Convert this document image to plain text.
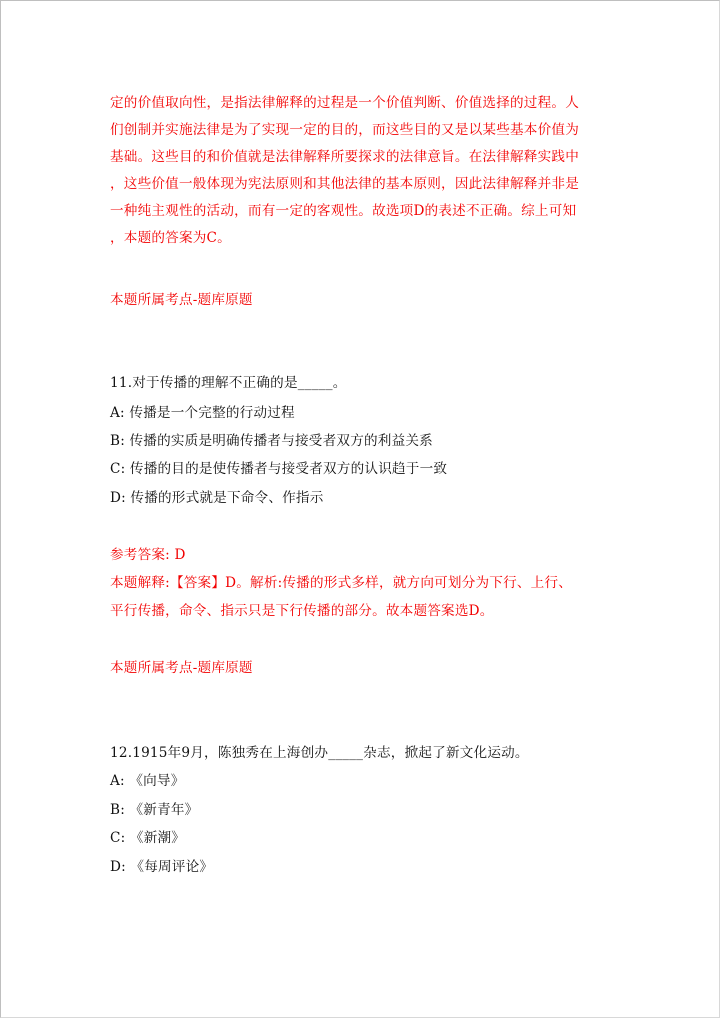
定的价值取向性，是指法律解释的过程是一个价值判断、价值选择的过程。人
们创制并实施法律是为了实现一定的目的，而这些目的又是以某些基本价值为
基础。这些目的和价值就是法律解释所要探求的法律意旨。在法律解释实践中
，这些价值一般体现为宪法原则和其他法律的基本原则，因此法律解释并非是
一种纯主观性的活动，而有一定的客观性。故选项D的表述不正确。综上可知
，本题的答案为C。
本题所属考点-题库原题
11.对于传播的理解不正确的是_____。
A: 传播是一个完整的行动过程
B: 传播的实质是明确传播者与接受者双方的利益关系
C: 传播的目的是使传播者与接受者双方的认识趋于一致
D: 传播的形式就是下命令、作指示
参考答案: D
本题解释:【答案】D。解析:传播的形式多样，就方向可划分为下行、上行、
平行传播，命令、指示只是下行传播的部分。故本题答案选D。
本题所属考点-题库原题
12.1915年9月，陈独秀在上海创办_____杂志，掀起了新文化运动。
A: 《向导》
B: 《新青年》
C: 《新潮》
D: 《每周评论》
